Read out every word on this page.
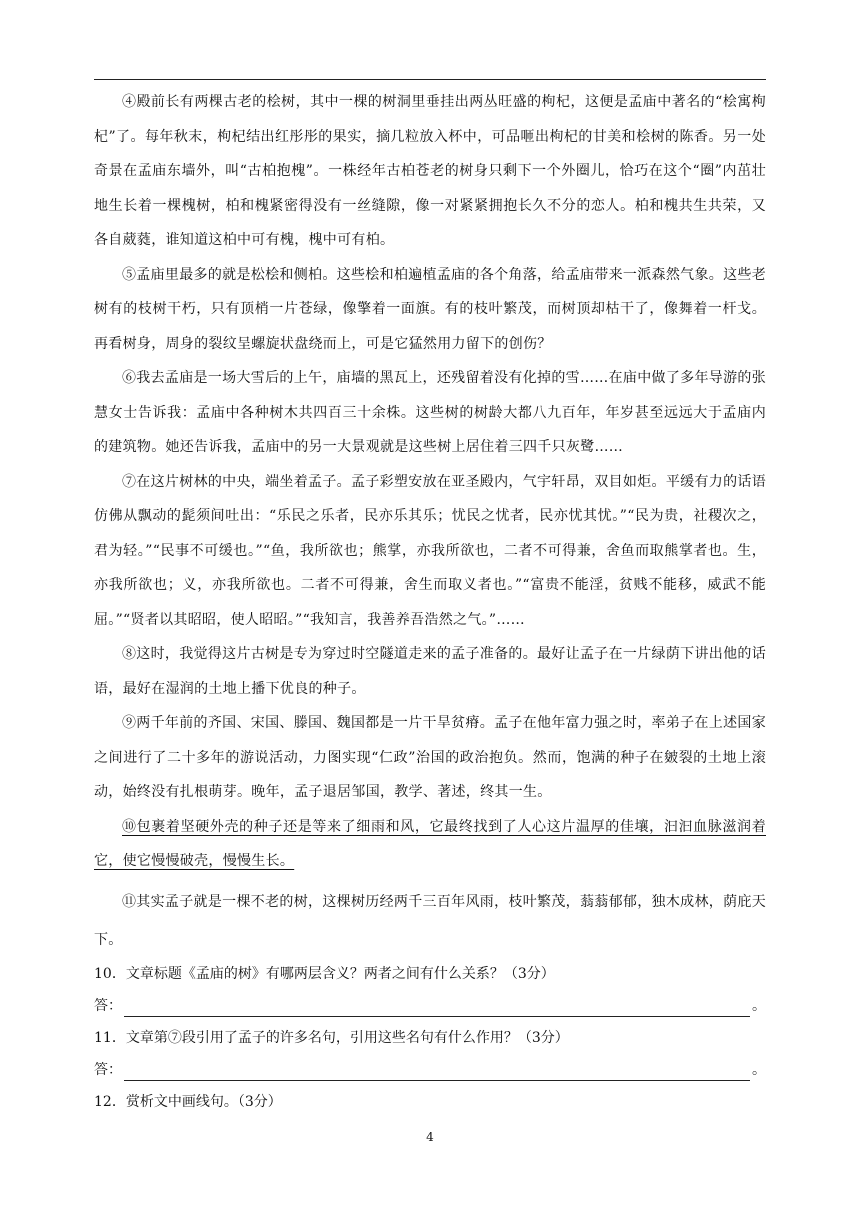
④殿前长有两棵古老的桧树，其中一棵的树洞里垂挂出两丛旺盛的枸杞，这便是孟庙中著名的“桧寓枸杞”了。每年秋末，枸杞结出红彤彤的果实，摘几粒放入杯中，可品咂出枸杞的甘美和桧树的陈香。另一处奇景在孟庙东墙外，叫“古柏抱槐”。一株经年古柏苍老的树身只剩下一个外圈儿，恰巧在这个“圈”内茁壮地生长着一棵槐树，柏和槐紧密得没有一丝缝隙，像一对紧紧拥抱长久不分的恋人。柏和槐共生共荣，又各自葳蕤，谁知道这柏中可有槐，槐中可有柏。

⑤孟庙里最多的就是松桧和侧柏。这些桧和柏遍植孟庙的各个角落，给孟庙带来一派森然气象。这些老树有的枝树干朽，只有顶梢一片苍绿，像擎着一面旗。有的枝叶繁茂，而树顶却枯干了，像舞着一杆戈。再看树身，周身的裂纹呈螺旋状盘绕而上，可是它猛然用力留下的创伤？

⑥我去孟庙是一场大雪后的上午，庙墙的黑瓦上，还残留着没有化掉的雪……在庙中做了多年导游的张慧女士告诉我：孟庙中各种树木共四百三十余株。这些树的树龄大都八九百年，年岁甚至远远大于孟庙内的建筑物。她还告诉我，孟庙中的另一大景观就是这些树上居住着三四千只灰鹭……

⑦在这片树林的中央，端坐着孟子。孟子彩塑安放在亚圣殿内，气宇轩昂，双目如炬。平缓有力的话语仿佛从飘动的髭须间吐出：“乐民之乐者，民亦乐其乐；忧民之忧者，民亦忧其忧。”“民为贵，社稷次之，君为轻。”“民事不可缓也。”“鱼，我所欲也；熊掌，亦我所欲也，二者不可得兼，舍鱼而取熊掌者也。生，亦我所欲也；义，亦我所欲也。二者不可得兼，舍生而取义者也。”“富贵不能淫，贫贱不能移，威武不能屈。”“贤者以其昭昭，使人昭昭。”“我知言，我善养吾浩然之气。”……

⑧这时，我觉得这片古树是专为穿过时空隧道走来的孟子准备的。最好让孟子在一片绿荫下讲出他的话语，最好在湿润的土地上播下优良的种子。

⑨两千年前的齐国、宋国、滕国、魏国都是一片干旱贫瘠。孟子在他年富力强之时，率弟子在上述国家之间进行了二十多年的游说活动，力图实现“仁政”治国的政治抱负。然而，饱满的种子在皴裂的土地上滚动，始终没有扎根萌芽。晚年，孟子退居邹国，教学、著述，终其一生。

⑩包裹着坚硬外壳的种子还是等来了细雨和风，它最终找到了人心这片温厚的佳壤，汩汩血脉滋润着它，使它慢慢破壳，慢慢生长。

⑪其实孟子就是一棵不老的树，这棵树历经两千三百年风雨，枝叶繁茂，蓊蓊郁郁，独木成林，荫庇天下。

10．文章标题《孟庙的树》有哪两层含义？两者之间有什么关系？（3分）

答：	。

11．文章第⑦段引用了孟子的许多名句，引用这些名句有什么作用？（3分）

答：	。

12．赏析文中画线句。（3分）

4
